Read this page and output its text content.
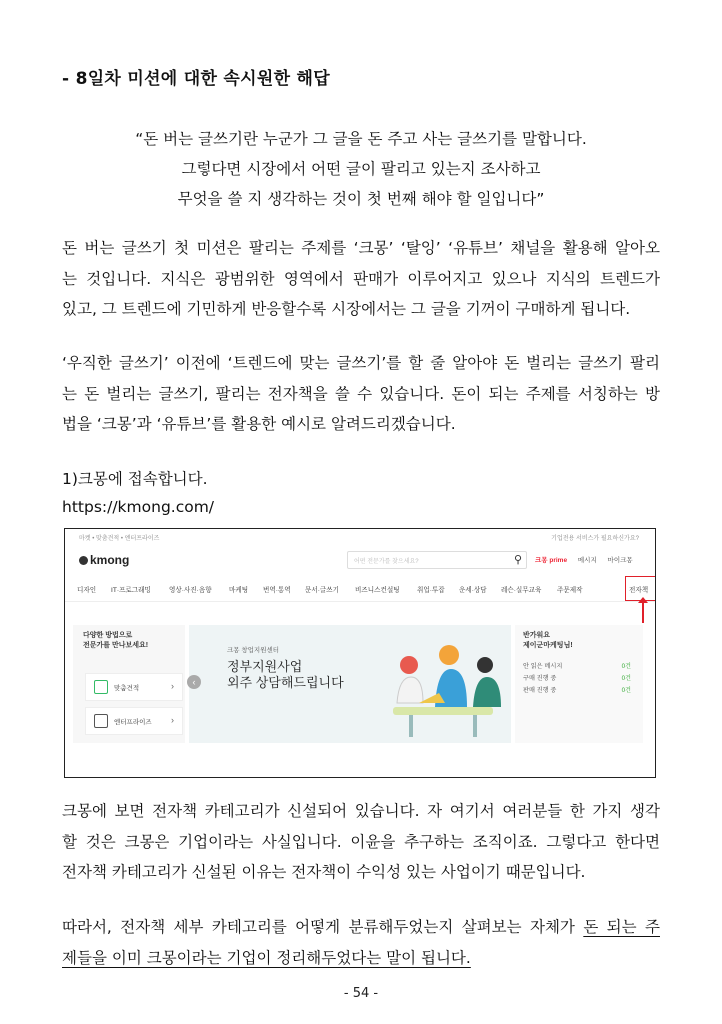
- 8일차 미션에 대한 속시원한 해답
“돈 버는 글쓰기란 누군가 그 글을 돈 주고 사는 글쓰기를 말합니다.
그렇다면 시장에서 어떤 글이 팔리고 있는지 조사하고
무엇을 쓸 지 생각하는 것이 첫 번째 해야 할 일입니다”
돈 버는 글쓰기 첫 미션은 팔리는 주제를 ‘크몽’ ‘탈잉’ ‘유튜브’ 채널을 활용해 알아오
는 것입니다. 지식은 광범위한 영역에서 판매가 이루어지고 있으나 지식의 트렌드가
있고, 그 트렌드에 기민하게 반응할수록 시장에서는 그 글을 기꺼이 구매하게 됩니다.
‘우직한 글쓰기’ 이전에 ‘트렌드에 맞는 글쓰기’를 할 줄 알아야 돈 벌리는 글쓰기 팔리
는 돈 벌리는 글쓰기, 팔리는 전자책을 쓸 수 있습니다. 돈이 되는 주제를 서칭하는 방
법을 ‘크몽’과 ‘유튜브’를 활용한 예시로 알려드리겠습니다.
1)크몽에 접속합니다.
https://kmong.com/
마켓 • 맞춤견적 • 엔터프라이즈	기업전용 서비스가 필요하신가요?
kmong	어떤 전문가를 찾으세요?	⚲ 크몽 prime 메시지 마이크몽
디자인 IT·프로그래밍	영상·사진·음향	마케팅 번역·통역 문서·글쓰기 비즈니스컨설팅	취업·투잡 운세·상담 레슨·실무교육 주문제작	전자책
다양한 방법으로
전문가를 만나보세요!
맞춤견적	›
엔터프라이즈 ›
‹
크몽 창업지원센터
정부지원사업
외주 상담해드립니다
반가워요
제이군마케팅님!
안 읽은 메시지	0건
구매 진행 중	0건
판매 진행 중	0건
크몽에 보면 전자책 카테고리가 신설되어 있습니다. 자 여기서 여러분들 한 가지 생각
할 것은 크몽은 기업이라는 사실입니다. 이윤을 추구하는 조직이죠. 그렇다고 한다면
전자책 카테고리가 신설된 이유는 전자책이 수익성 있는 사업이기 때문입니다.
따라서, 전자책 세부 카테고리를 어떻게 분류해두었는지 살펴보는 자체가 돈 되는 주
제들을 이미 크몽이라는 기업이 정리해두었다는 말이 됩니다.
- 54 -
